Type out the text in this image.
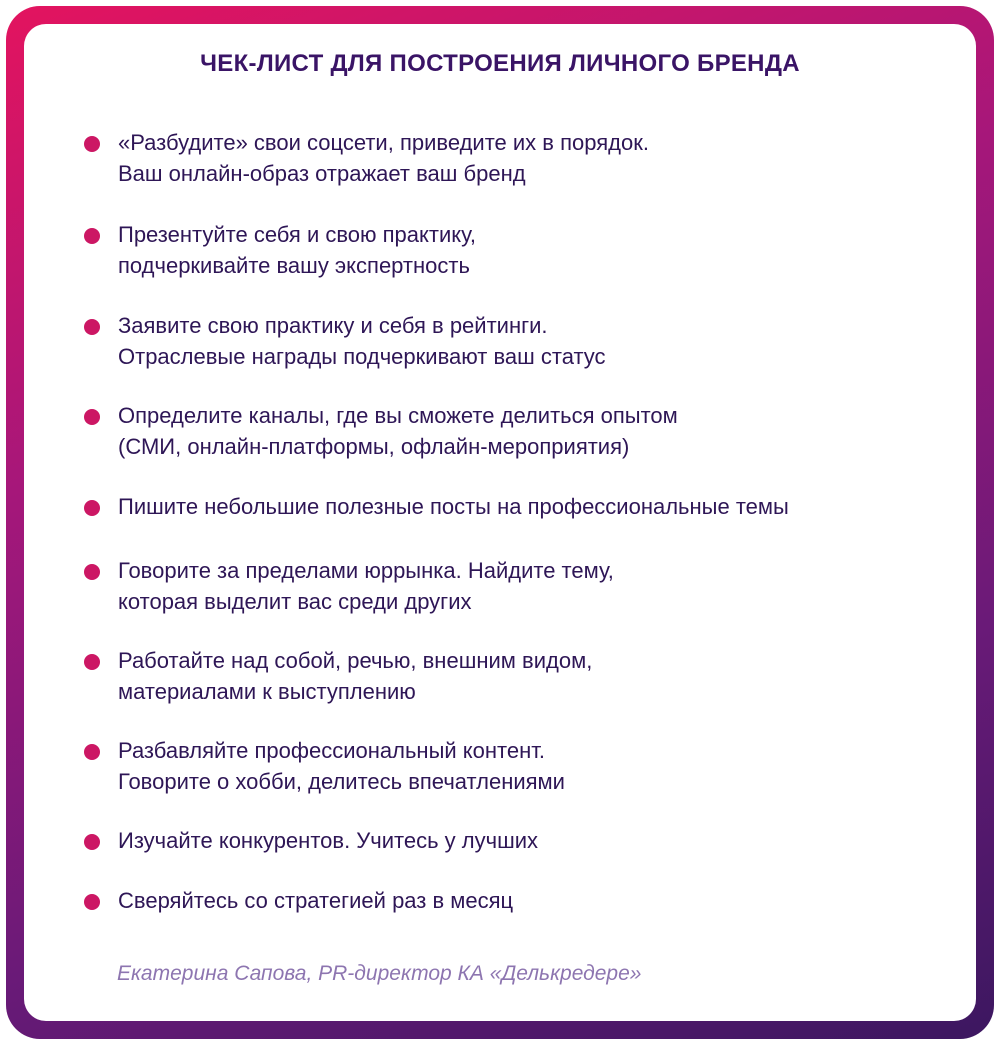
ЧЕК-ЛИСТ ДЛЯ ПОСТРОЕНИЯ ЛИЧНОГО БРЕНДА
«Разбудите» свои соцсети, приведите их в порядок.
Ваш онлайн-образ отражает ваш бренд
Презентуйте себя и свою практику,
подчеркивайте вашу экспертность
Заявите свою практику и себя в рейтинги.
Отраслевые награды подчеркивают ваш статус
Определите каналы, где вы сможете делиться опытом
(СМИ, онлайн-платформы, офлайн-мероприятия)
Пишите небольшие полезные посты на профессиональные темы
Говорите за пределами юррынка. Найдите тему,
которая выделит вас среди других
Работайте над собой, речью, внешним видом,
материалами к выступлению
Разбавляйте профессиональный контент.
Говорите о хобби, делитесь впечатлениями
Изучайте конкурентов. Учитесь у лучших
Сверяйтесь со стратегией раз в месяц
Екатерина Сапова, PR-директор КА «Делькредере»
